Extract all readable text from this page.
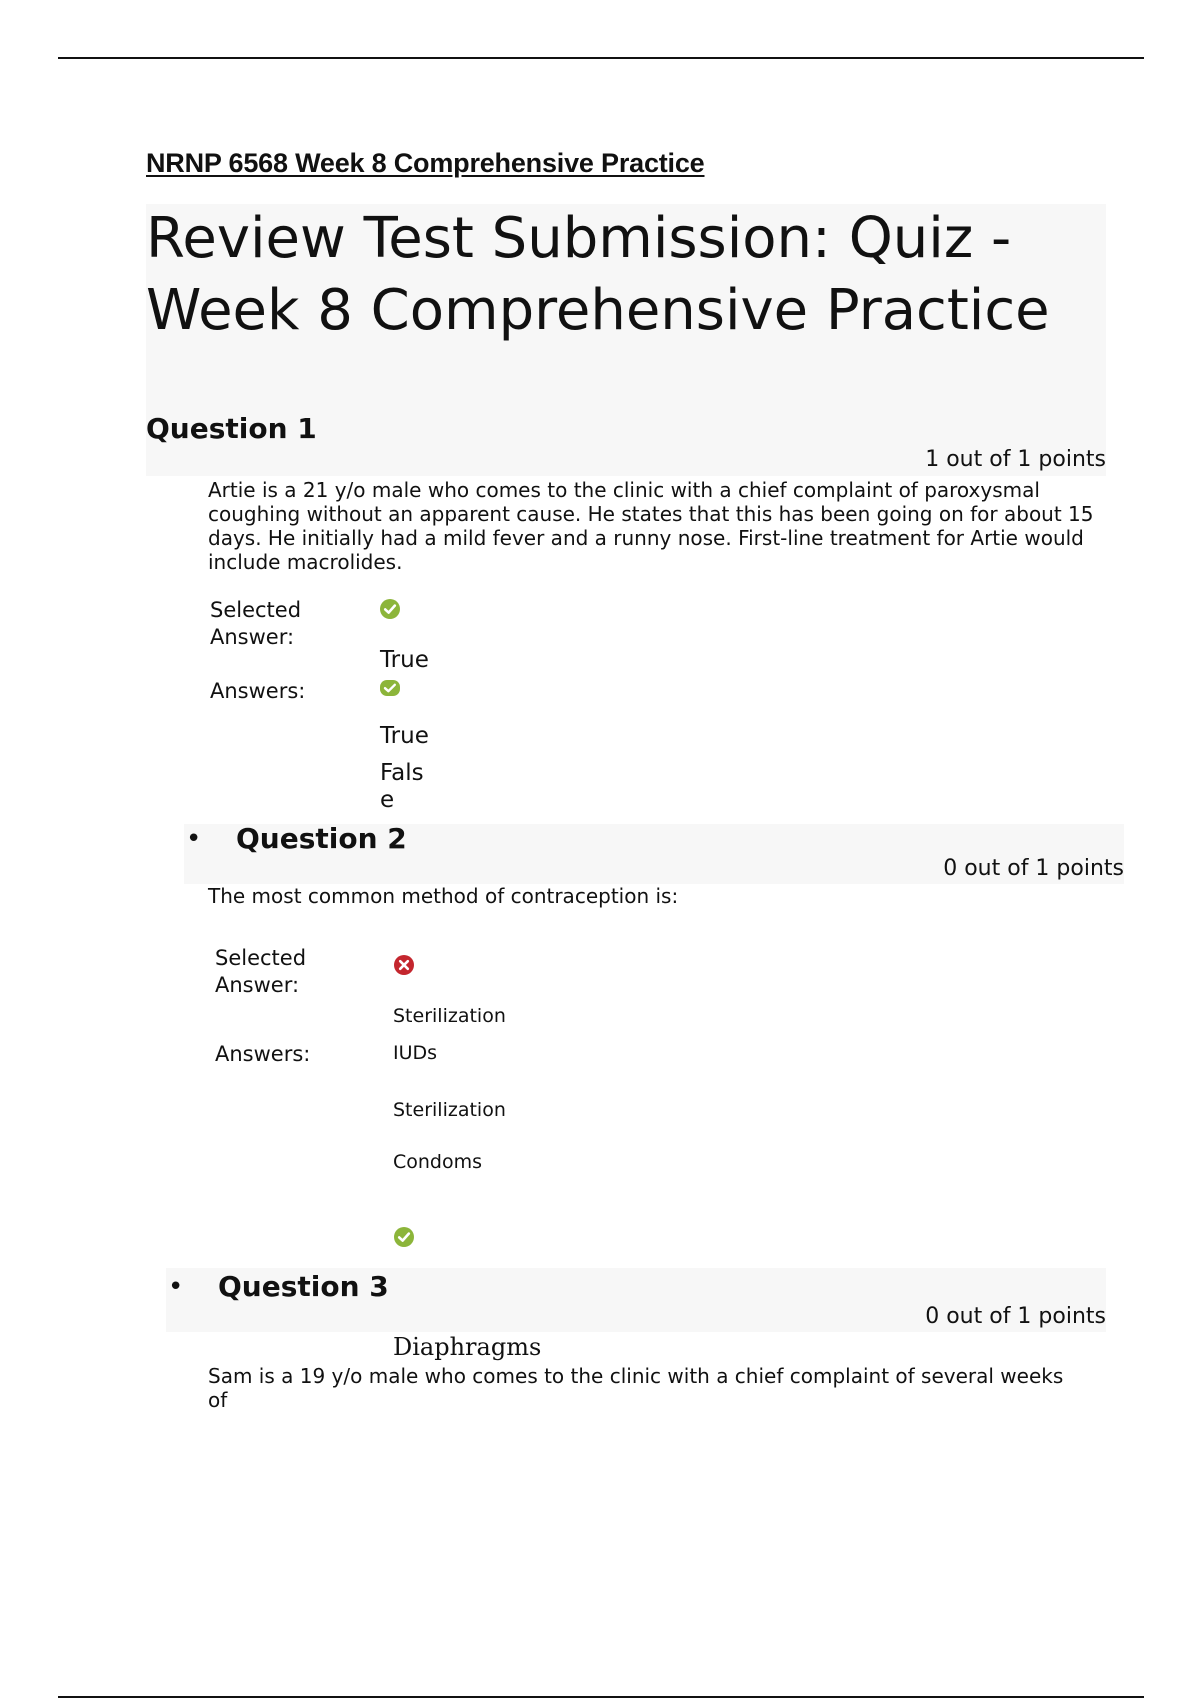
NRNP 6568 Week 8 Comprehensive Practice
Review Test Submission: Quiz -
Week 8 Comprehensive Practice
Question 1
1 out of 1 points

Artie is a 21 y/o male who comes to the clinic with a chief complaint of paroxysmal coughing without an apparent cause. He states that this has been going on for about 15 days. He initially had a mild fever and a runny nose. First-line treatment for Artie would include macrolides.

Selected
Answer:
True
Answers:
True
Fals
e
• Question 2
0 out of 1 points

The most common method of contraception is:

Selected
Answer:
Sterilization
Answers:	IUDs
Sterilization
Condoms
• Question 3
0 out of 1 points
Diaphragms

Sam is a 19 y/o male who comes to the clinic with a chief complaint of several weeks
of
